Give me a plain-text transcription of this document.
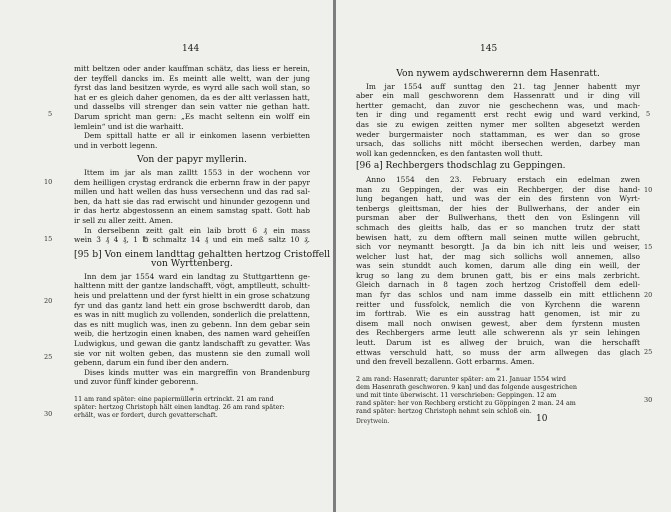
144
5
10
15
20
25
30
mitt beltzen oder ander kauffman schätz, das liess er herein,
der teyffell dancks im. Es meintt alle weltt, wan der jung
fyrst das land besitzen wyrde, es wyrd alle sach woll stan, so
hat er es gleich daher genomen, da es der altt verlassen hatt,
und dasselbs vill strenger dan sein vatter nie gethan hatt.
Darum spricht man gern: „Es macht seltenn ein wolff ein
lemlein“ und ist die warhaitt.
Dem spittall hatte er all ir einkomen lasenn verbietten
und in verbott legenn.
Von der papyr myllerin.
Ittem im jar als man zalltt 1553 in der wochenn vor
dem heilligen crystag erdranck die erbernn fraw in der papyr
millen und hatt wellen das huss versechenn und das rad sal-
ben, da hatt sie das rad erwischt und hinunder gezogenn und
ir das hertz abgestossenn an einem samstag spatt. Gott hab
ir sell zu aller zeitt. Amen.
In derselbenn zeitt galt ein laib brott 6 ₰ ein mass
wein 3 ₰ 4 ₰, 1 ℔ schmaltz 14 ₰ und ein meß saltz 10 ₰.
[95 b] Von einem landttag gehaltten hertzog Cristoffell
von Wyrttenberg.
Inn dem jar 1554 ward ein landtag zu Stuttgarttenn ge-
halttenn mitt der gantze landschafft, vögt, amptlleutt, schultt-
heis und prelattenn und der fyrst hieltt in ein grose schatzung
fyr und das gantz land hett ein grose bschwerdtt darob, dan
es was in nitt muglich zu vollenden, sonderlich die prelattenn,
das es nitt muglich was, inen zu gebenn. Inn dem gebar sein
weib, die hertzogin einen knaben, des namen ward geheiſſen
Ludwigkus, und gewan die gantz landschafft zu gevatter. Was
sie vor nit wolten geben, das mustenn sie den zumall woll
gebenn, darum ein fund iber den andern.
Dises kinds mutter was ein margreffin von Brandenburg
und zuvor fünff kinder geborenn.
*
11 am rand später: eine papiermüllerin ertrinckt. 21 am rand
später: hertzog Christoph hält einen landtag. 26 am rand später:
erhält, was er fordert, durch gevatterschaft.
145
5
10
15
20
25
30
Von nywem aydschwerernn dem Hasenratt.
Im jar 1554 auff sunttag den 21. tag Jenner habentt myr
aber ein mall geschworenn dem Hassenratt und ir ding vill
hertter gemacht, dan zuvor nie geschechenn was, und mach-
ten ir ding und regamentt erst recht ewig und ward verkind,
das sie zu ewigen zeitten nymer mer sollten abgesetzt werden
weder burgermaister noch stattamman, es wer dan so grose
ursach, das sollichs nitt möcht ibersechen werden, darbey man
woll kan gedennck̄en, es den fantasten woll thutt.
[96 a] Rechbergers thodschlag zu Geppingen.
Anno 1554 den 23. February erstach ein edelman zwen
man zu Geppingen, der was ein Rechberger, der dise hand-
lung begangen hatt, und was der ein des firstenn von Wyrt-
tenbergs gleittsman, der hies der Bullwerhans, der ander ein
pursman aber der Bullwerhans, thett den von Eslingenn vill
schmach des gleitts halb, das er so manchen trutz der statt
bewisen hatt, zu dem offtern mall seinen mutte willen gebrucht,
sich vor neymantt besorgtt. Ja da bin ich nitt leis und weiser,
welcher lust hat, der mag sich sollichs woll annemen, allso
was sein stunddt auch komen, darum alle ding ein weill, der
krug so lang zu dem brunen gatt, bis er eins mals zerbricht.
Gleich darnach in 8 tagen zoch hertzog Cristoffell dem edell-
man fyr das schlos und nam imme dasselb ein mitt ettlichenn
reitter und fussfolck, nemlich die von Kyrchenn die warenn
im forttrab. Wie es ein ausstrag hatt genomen, ist mir zu
disem mall noch onwisen gewest, aber dem fyrstenn musten
des Rechbergers arme leutt alle schwerenn als yr sein lehingen
leutt. Darum ist es allweg der bruich, wan die herschafft
ettwas verschuld hatt, so muss der arm allwegen das glach
und den frevell bezallenn. Gott erbarms. Amen.
*
2 am rand: Hasenratt; darunter später: am 21. Januar 1554 wird
dem Hasenrath geschworen. 9 kan] und das folgende ausgestrichen
und mit tinte überwischt. 11 verschrieben: Geppingen. 12 am
rand später: her von Rechberg ersticht zu Göppingen 2 man. 24 am
rand später: hertzog Christoph nehmt sein schloß ein.
Dreytwein.	10
